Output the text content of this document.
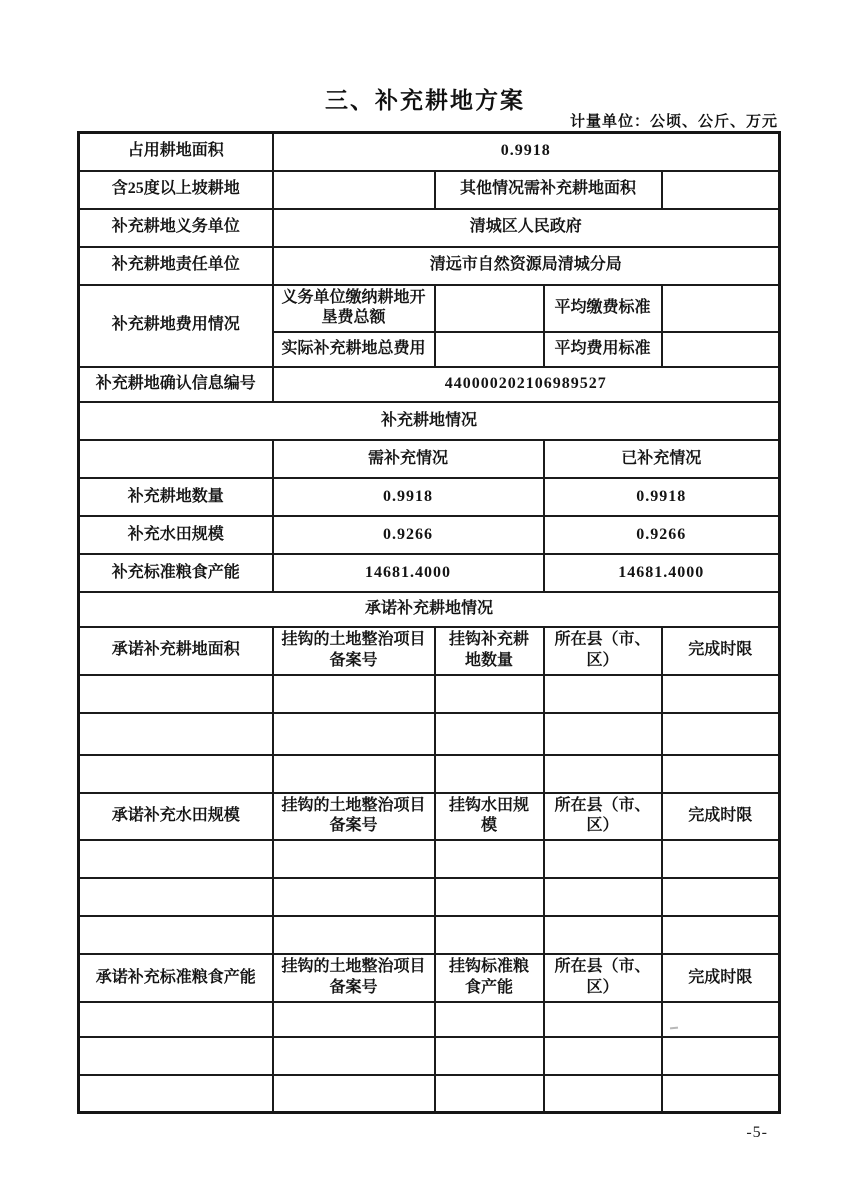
三、补充耕地方案
计量单位：公顷、公斤、万元
占用耕地面积	0.9918			
含25度以上坡耕地		其他情况需补充耕地面积		
补充耕地义务单位	清城区人民政府			
补充耕地责任单位	清远市自然资源局清城分局			
补充耕地费用情况	义务单位缴纳耕地开垦费总额		平均缴费标准	
	实际补充耕地总费用		平均费用标准	
补充耕地确认信息编号	440000202106989527			
补充耕地情况				
	需补充情况		已补充情况	
补充耕地数量	0.9918		0.9918	
补充水田规模	0.9266		0.9266	
补充标准粮食产能	14681.4000		14681.4000	
承诺补充耕地情况				
承诺补充耕地面积	挂钩的土地整治项目备案号	挂钩补充耕地数量	所在县（市、区）	完成时限

承诺补充水田规模	挂钩的土地整治项目备案号	挂钩水田规模	所在县（市、区）	完成时限

承诺补充标准粮食产能	挂钩的土地整治项目备案号	挂钩标准粮食产能	所在县（市、区）	完成时限

-5-
